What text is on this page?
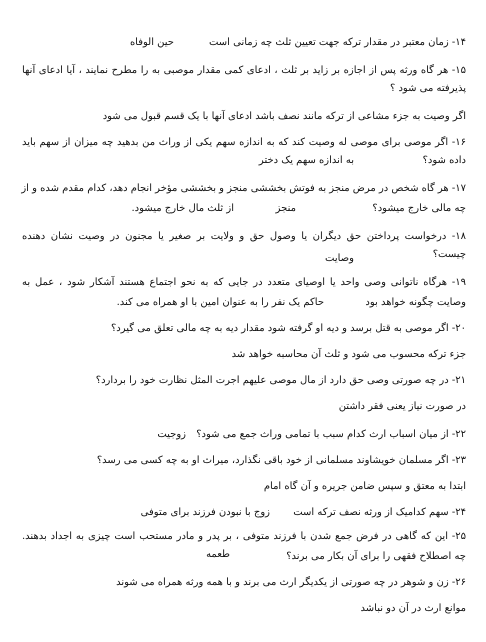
۱۴- زمان معتبر در مقدار ترکه جهت تعیین ثلث چه زمانی است
حین الوفاه
۱۵- هر گاه ورثه پس از اجازه بر زاید بر ثلث ، ادعای کمی مقدار موصبی به را مطرح نمایند ، آیا ادعای آنها
پذیرفته می شود ؟
اگر وصیت به جزء مشاعی از ترکه مانند نصف باشد ادعای آنها با یک قسم قبول می شود
۱۶- اگر موصی برای موصی له وصیت کند که به اندازه سهم یکی از وراث من بدهید چه میزان از سهم باید
داده شود؟
به اندازه سهم یک دختر
۱۷- هر گاه شخص در مرض منجز به فوتش بخششی منجز و بخششی مؤخر انجام دهد، کدام مقدم شده و از
چه مالی خارج میشود؟
منجز
از ثلث مال خارج میشود.
۱۸- درخواست پرداختن حق دیگران یا وصول حق و ولایت بر صغیر یا مجنون در وصیت نشان دهنده
چیست؟
وصایت
۱۹- هرگاه ناتوانی وصی واحد یا اوصیای متعدد در جایی که به نحو اجتماع هستند آشکار شود ، عمل به
وصایت چگونه خواهد بود
حاکم یک نفر را به عنوان امین با او همراه می کند.
۲۰- اگر موصی به قتل برسد و دیه او گرفته شود مقدار دیه به چه مالی تعلق می گیرد؟
جزء ترکه محسوب می شود و ثلث آن محاسبه خواهد شد
۲۱- در چه صورتی وصی حق دارد از مال موصی علیهم اجرت المثل نظارت خود را بردارد؟
در صورت نیاز یعنی فقر داشتن
۲۲- از میان اسباب ارث کدام سبب با تمامی وراث جمع می شود؟
زوجیت
۲۳- اگر مسلمان خویشاوند مسلمانی از خود باقی نگذارد، میراث او به چه کسی می رسد؟
ابتدا به معتق و سپس ضامن جریره و آن گاه امام
۲۴- سهم کدامیک از ورثه نصف ترکه است
زوج با نبودن فرزند برای متوفی
۲۵- این که گاهی در فرض جمع شدن با فرزند متوفی ، بر پدر و مادر مستحب است چیزی به اجداد بدهند.
چه اصطلاح فقهی را برای آن بکار می برند؟
طعمه
۲۶- زن و شوهر در چه صورتی از یکدیگر ارث می برند و با همه ورثه همراه می شوند
موانع ارث در آن دو نباشد
